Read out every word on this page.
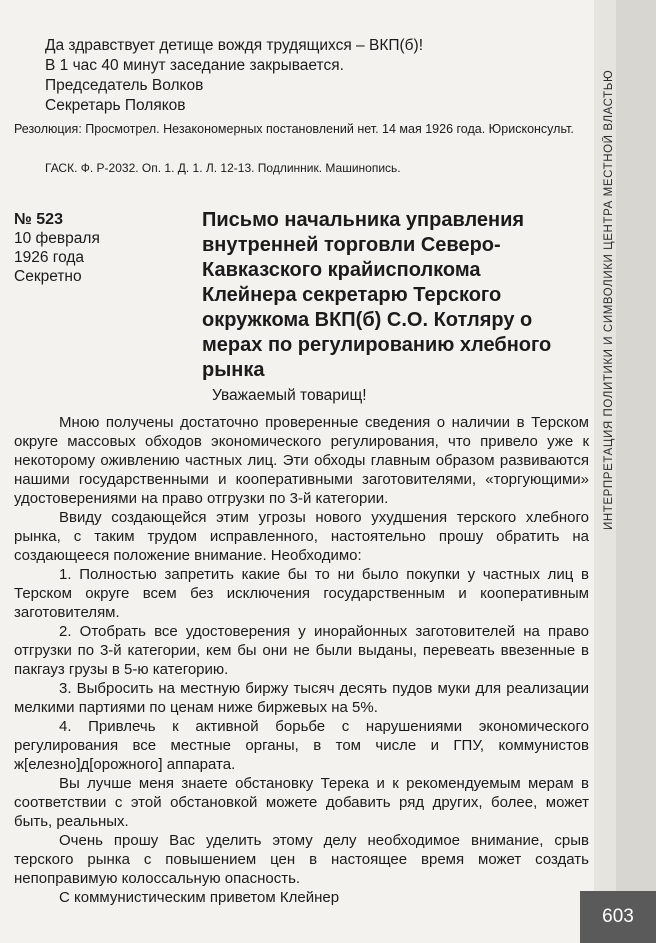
ИНТЕРПРЕТАЦИЯ ПОЛИТИКИ И СИМВОЛИКИ ЦЕНТРА МЕСТНОЙ ВЛАСТЬЮ
603
Да здравствует детище вождя трудящихся – ВКП(б)!
В 1 час 40 минут заседание закрывается.
Председатель Волков
Секретарь Поляков
Резолюция: Просмотрел. Незакономерных постановлений нет. 14 мая 1926 года. Юрисконсульт.
ГАСК. Ф. Р-2032. Оп. 1. Д. 1. Л. 12-13. Подлинник. Машинопись.
№ 523
10 февраля
1926 года
Секретно
Письмо начальника управления внутренней торговли Северо-Кавказского крайисполкома Клейнера секретарю Терского окружкома ВКП(б) С.О. Котляру о мерах по регулированию хлебного рынка
Уважаемый товарищ!

Мною получены достаточно проверенные сведения о наличии в Терском округе массовых обходов экономического регулирования, что привело уже к некоторому оживлению частных лиц. Эти обходы главным образом развиваются нашими государственными и кооперативными заготовителями, «торгующими» удостоверениями на право отгрузки по 3-й категории.

Ввиду создающейся этим угрозы нового ухудшения терского хлебного рынка, с таким трудом исправленного, настоятельно прошу обратить на создающееся положение внимание. Необходимо:

1. Полностью запретить какие бы то ни было покупки у частных лиц в Терском округе всем без исключения государственным и кооперативным заготовителям.

2. Отобрать все удостоверения у инорайонных заготовителей на право отгрузки по 3-й категории, кем бы они не были выданы, перевеать ввезенные в пакгауз грузы в 5-ю категорию.

3. Выбросить на местную биржу тысяч десять пудов муки для реализации мелкими партиями по ценам ниже биржевых на 5%.

4. Привлечь к активной борьбе с нарушениями экономического регулирования все местные органы, в том числе и ГПУ, коммунистов ж[елезно]д[орожного] аппарата.

Вы лучше меня знаете обстановку Терека и к рекомендуемым мерам в соответствии с этой обстановкой можете добавить ряд других, более, может быть, реальных.

Очень прошу Вас уделить этому делу необходимое внимание, срыв терского рынка с повышением цен в настоящее время может создать непоправимую колоссальную опасность.

С коммунистическим приветом Клейнер
